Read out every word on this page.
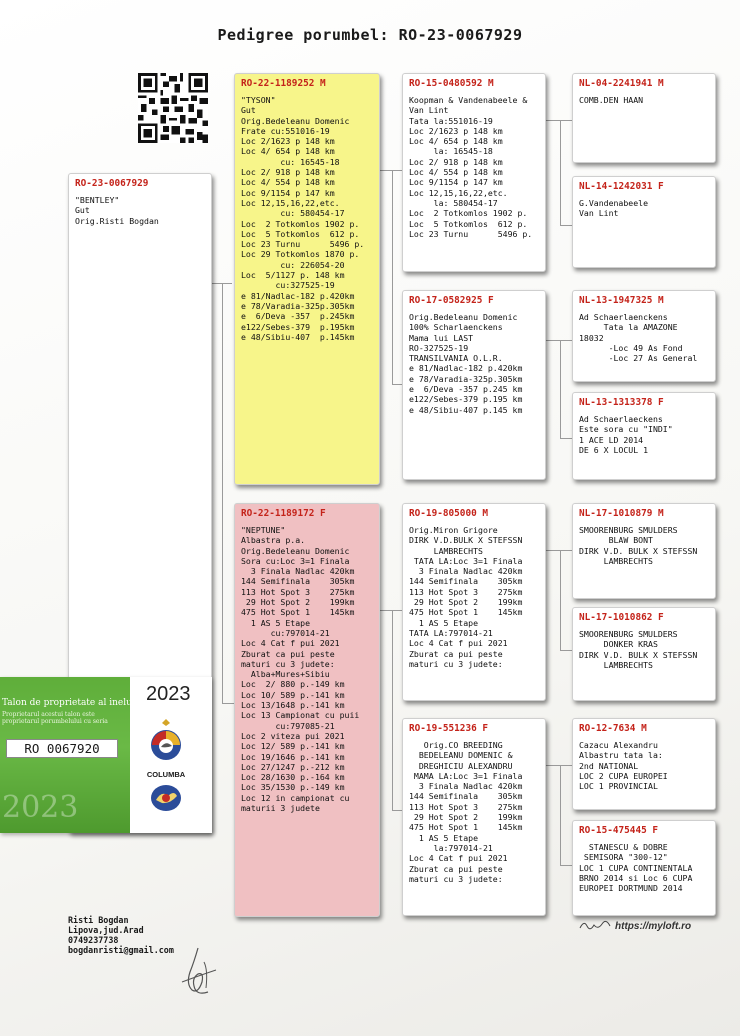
Pedigree porumbel: RO-23-0067929
RO-23-0067929
"BENTLEY"
Gut
Orig.Risti Bogdan
RO-22-1189252 M
"TYSON"
Gut
Orig.Bedeleanu Domenic
Frate cu:551016-19
Loc 2/1623 p 148 km
Loc 4/ 654 p 148 km
cu: 16545-18
Loc 2/ 918 p 148 km
Loc 4/ 554 p 148 km
Loc 9/1154 p 147 km
Loc 12,15,16,22,etc.
cu: 580454-17
Loc  2 Totkomlos 1902 p.
Loc  5 Totkomlos  612 p.
Loc 23 Turnu      5496 p.
Loc 29 Totkomlos 1870 p.
cu: 226054-20
Loc  5/1127 p. 148 km
cu:327525-19
e 81/Nadlac-182 p.420km
e 78/Varadia-325p.305km
e  6/Deva -357  p.245km
e122/Sebes-379  p.195km
e 48/Sibiu-407  p.145km
RO-22-1189172 F
"NEPTUNE"
Albastra p.a.
Orig.Bedeleanu Domenic
Sora cu:Loc 3=1 Finala
3 Finala Nadlac 420km
144 Semifinala    305km
113 Hot Spot 3    275km
29 Hot Spot 2    199km
475 Hot Spot 1    145km
1 AS 5 Etape
cu:797014-21
Loc 4 Cat f pui 2021
Zburat ca pui peste
maturi cu 3 judete:
Alba+Mures+Sibiu
Loc  2/ 880 p.-149 km
Loc 10/ 589 p.-141 km
Loc 13/1648 p.-141 km
Loc 13 Campionat cu puii
cu:797085-21
Loc 2 viteza pui 2021
Loc 12/ 589 p.-141 km
Loc 19/1646 p.-141 km
Loc 27/1247 p.-212 km
Loc 28/1630 p.-164 km
Loc 35/1530 p.-149 km
Loc 12 in campionat cu
maturii 3 judete
RO-15-0480592 M
Koopman & Vandenabeele &
Van Lint
Tata la:551016-19
Loc 2/1623 p 148 km
Loc 4/ 654 p 148 km
la: 16545-18
Loc 2/ 918 p 148 km
Loc 4/ 554 p 148 km
Loc 9/1154 p 147 km
Loc 12,15,16,22,etc.
la: 580454-17
Loc  2 Totkomlos 1902 p.
Loc  5 Totkomlos  612 p.
Loc 23 Turnu      5496 p.
RO-17-0582925 F
Orig.Bedeleanu Domenic
100% Scharlaenckens
Mama lui LAST
RO-327525-19
TRANSILVANIA O.L.R.
e 81/Nadlac-182 p.420km
e 78/Varadia-325p.305km
e  6/Deva -357 p.245 km
e122/Sebes-379 p.195 km
e 48/Sibiu-407 p.145 km
RO-19-805000 M
Orig.Miron Grigore
DIRK V.D.BULK X STEFSSN
LAMBRECHTS
TATA LA:Loc 3=1 Finala
3 Finala Nadlac 420km
144 Semifinala    305km
113 Hot Spot 3    275km
29 Hot Spot 2    199km
475 Hot Spot 1    145km
1 AS 5 Etape
TATA LA:797014-21
Loc 4 Cat f pui 2021
Zburat ca pui peste
maturi cu 3 judete:
RO-19-551236 F
Orig.CO BREEDING
BEDELEANU DOMENIC &
DREGHICIU ALEXANDRU
MAMA LA:Loc 3=1 Finala
3 Finala Nadlac 420km
144 Semifinala    305km
113 Hot Spot 3    275km
29 Hot Spot 2    199km
475 Hot Spot 1    145km
1 AS 5 Etape
la:797014-21
Loc 4 Cat f pui 2021
Zburat ca pui peste
maturi cu 3 judete:
NL-04-2241941 M
COMB.DEN HAAN
NL-14-1242031 F
G.Vandenabeele
Van Lint
NL-13-1947325 M
Ad Schaerlaenckens
Tata la AMAZONE
18032
-Loc 49 As Fond
-Loc 27 As General
NL-13-1313378 F
Ad Schaerlaeckens
Este sora cu "INDI"
1 ACE LD 2014
DE 6 X LOCUL 1
NL-17-1010879 M
SMOORENBURG SMULDERS
BLAW BONT
DIRK V.D. BULK X STEFSSN
LAMBRECHTS
NL-17-1010862 F
SMOORENBURG SMULDERS
DONKER KRAS
DIRK V.D. BULK X STEFSSN
LAMBRECHTS
RO-12-7634 M
Cazacu Alexandru
Albastru tata la:
2nd NATIONAL
LOC 2 CUPA EUROPEI
LOC 1 PROVINCIAL
RO-15-475445 F
STANESCU & DOBRE
SEMISORA "300-12"
LOC 1 CUPA CONTINENTALA
BRNO 2014 si Loc 6 CUPA
EUROPEI DORTMUND 2014
Talon de proprietate al inelului
Proprietarul acestui talon este proprietarul porumbelului cu seria
RO 0067920
2023
2023
COLUMBA
Risti Bogdan
Lipova,jud.Arad
0749237738
bogdanristi@gmail.com
https://myloft.ro
